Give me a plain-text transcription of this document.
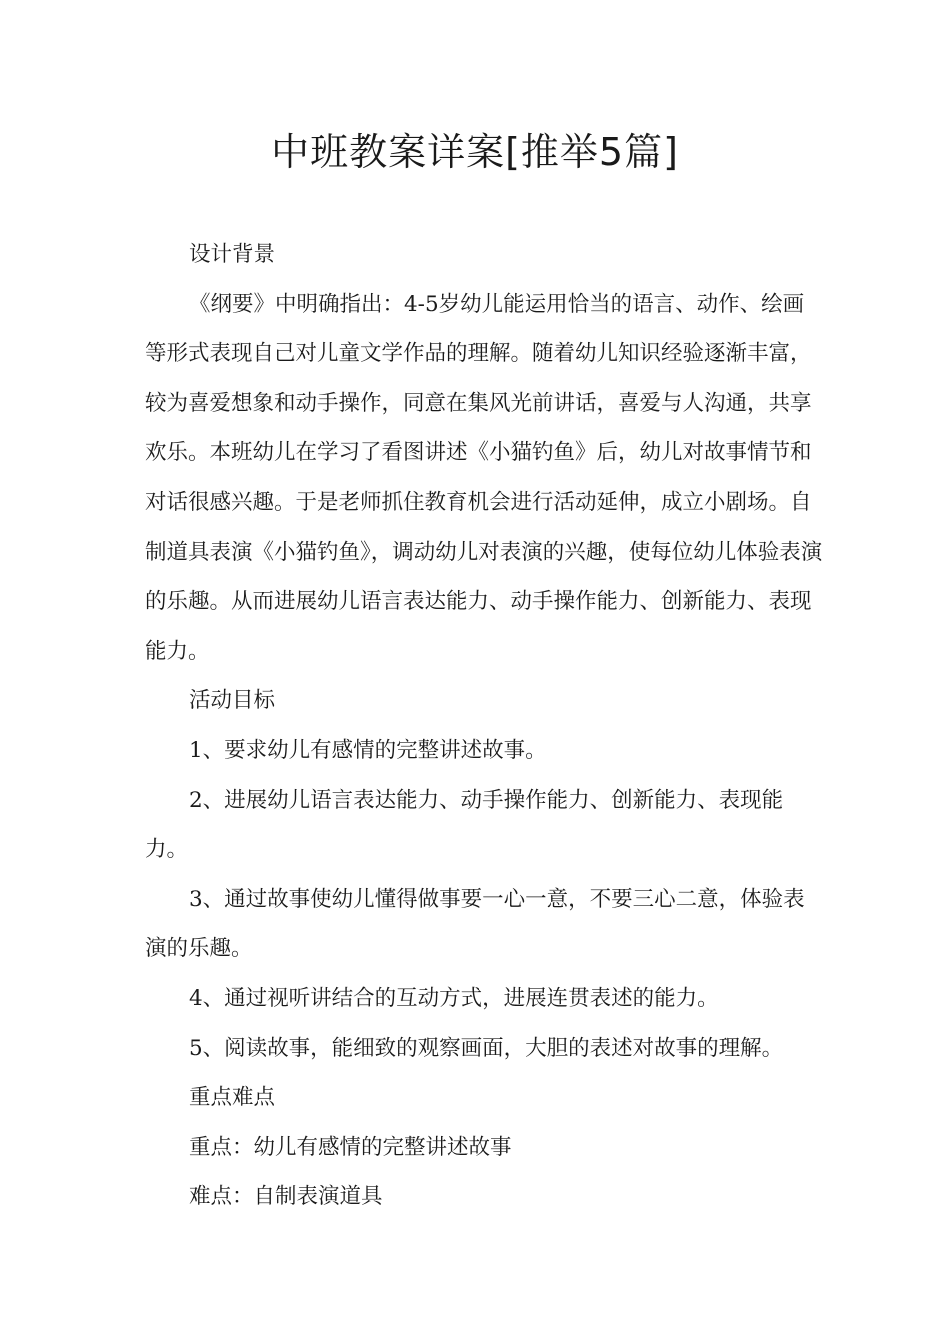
中班教案详案[推举5篇]

设计背景

《纲要》中明确指出：4-5岁幼儿能运用恰当的语言、动作、绘画等形式表现自己对儿童文学作品的理解。随着幼儿知识经验逐渐丰富，较为喜爱想象和动手操作，同意在集风光前讲话，喜爱与人沟通，共享欢乐。本班幼儿在学习了看图讲述《小猫钓鱼》后，幼儿对故事情节和对话很感兴趣。于是老师抓住教育机会进行活动延伸，成立小剧场。自制道具表演《小猫钓鱼》，调动幼儿对表演的兴趣，使每位幼儿体验表演的乐趣。从而进展幼儿语言表达能力、动手操作能力、创新能力、表现能力。

活动目标

1、要求幼儿有感情的完整讲述故事。

2、进展幼儿语言表达能力、动手操作能力、创新能力、表现能力。

3、通过故事使幼儿懂得做事要一心一意，不要三心二意，体验表演的乐趣。

4、通过视听讲结合的互动方式，进展连贯表述的能力。

5、阅读故事，能细致的观察画面，大胆的表述对故事的理解。

重点难点

重点：幼儿有感情的完整讲述故事

难点：自制表演道具
